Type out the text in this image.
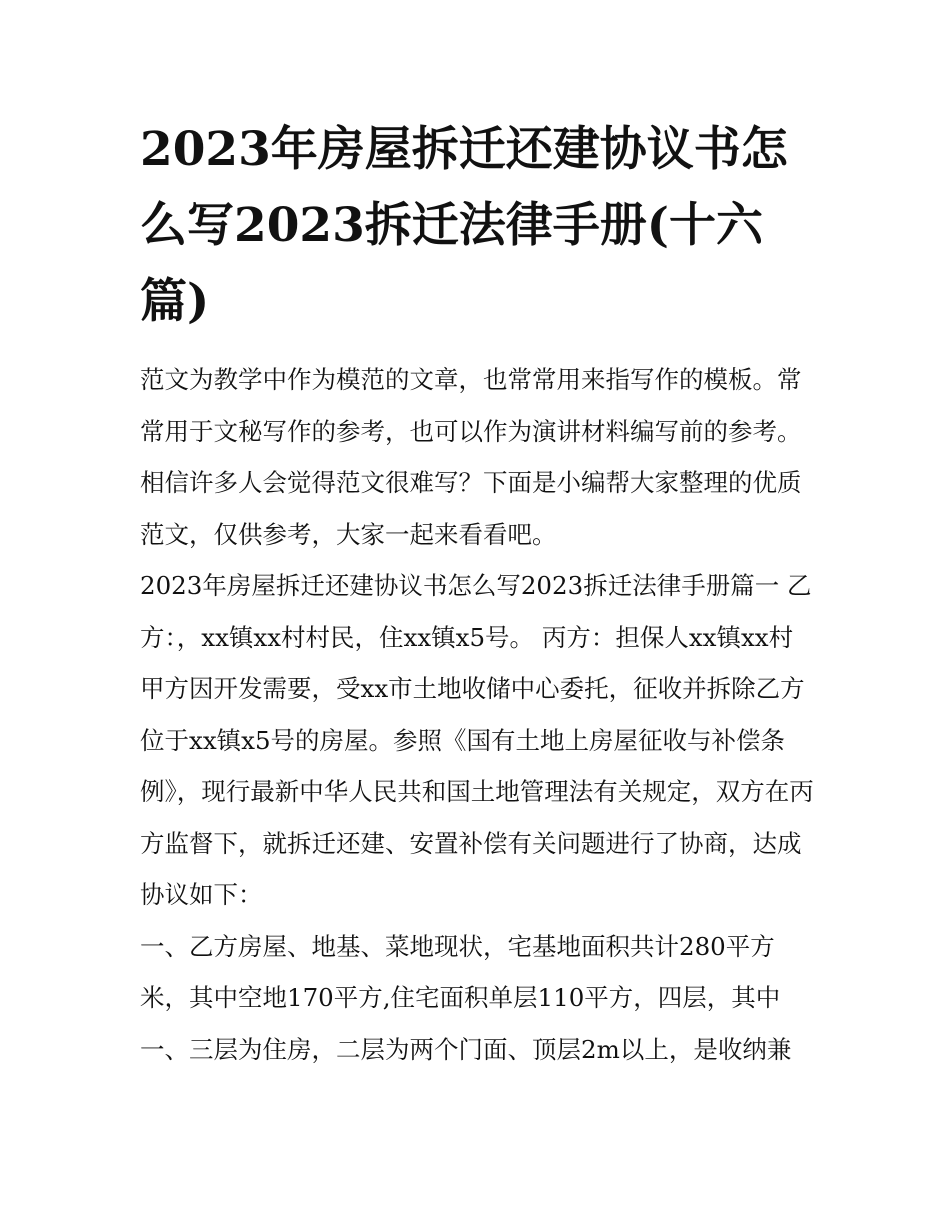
2023年房屋拆迁还建协议书怎么写2023拆迁法律手册(十六篇)

范文为教学中作为模范的文章，也常常用来指写作的模板。常常用于文秘写作的参考，也可以作为演讲材料编写前的参考。相信许多人会觉得范文很难写？下面是小编帮大家整理的优质范文，仅供参考，大家一起来看看吧。

2023年房屋拆迁还建协议书怎么写2023拆迁法律手册篇一 乙方：，xx镇xx村村民，住xx镇x5号。 丙方：担保人xx镇xx村

甲方因开发需要，受xx市土地收储中心委托，征收并拆除乙方位于xx镇x5号的房屋。参照《国有土地上房屋征收与补偿条例》，现行最新中华人民共和国土地管理法有关规定，双方在丙方监督下，就拆迁还建、安置补偿有关问题进行了协商，达成协议如下：

一、乙方房屋、地基、菜地现状，宅基地面积共计280平方米，其中空地170平方,住宅面积单层110平方，四层，其中一、三层为住房，二层为两个门面、顶层2m以上，是收纳兼
